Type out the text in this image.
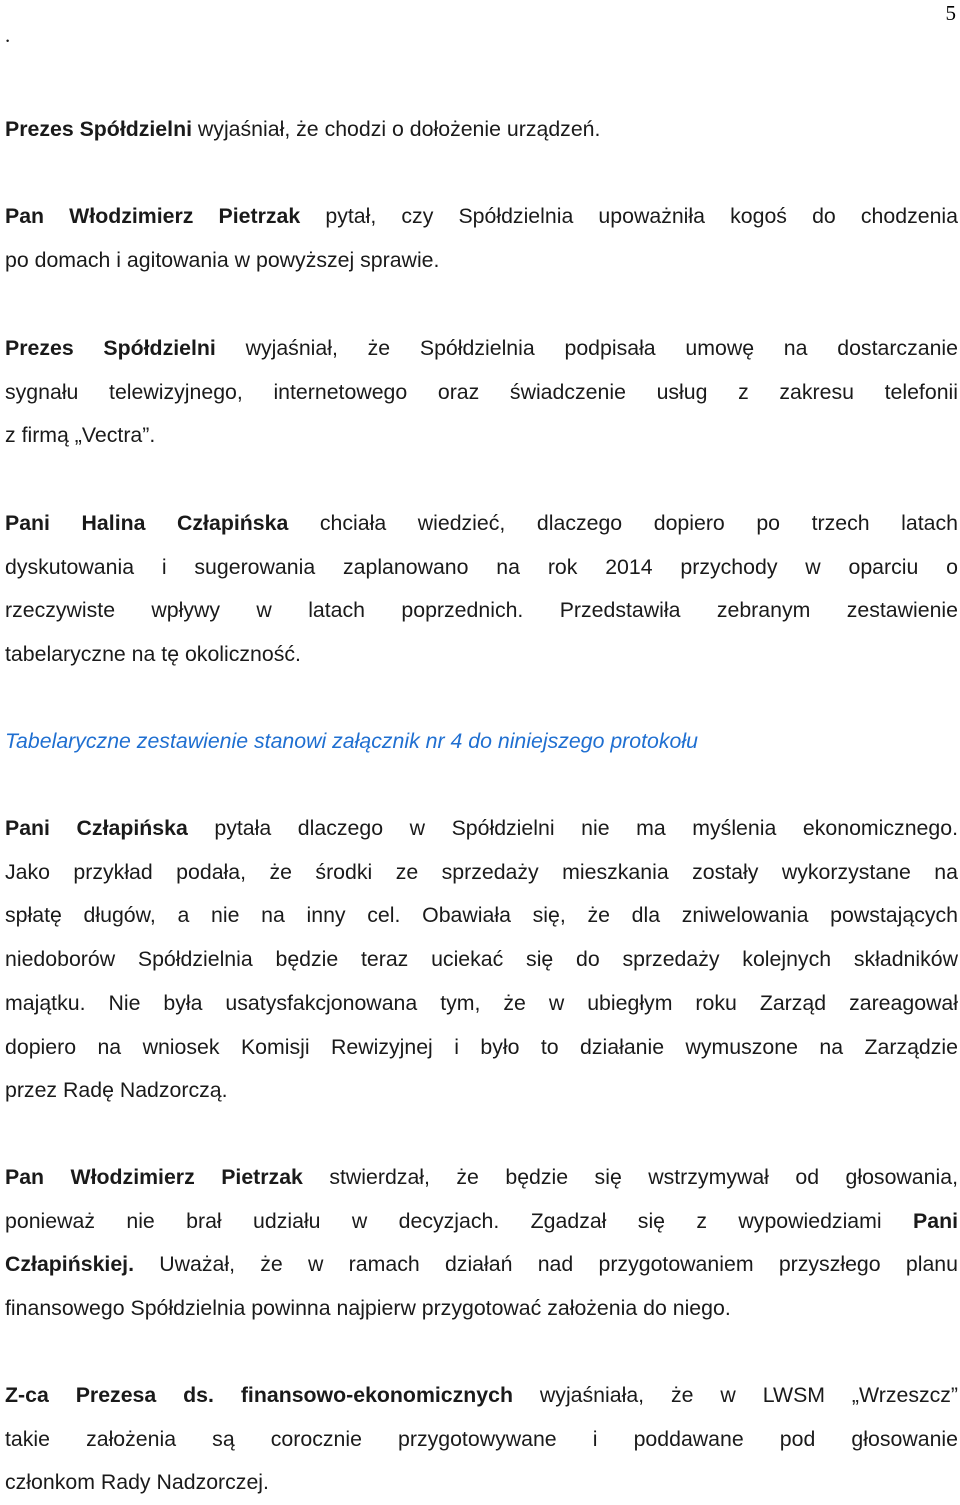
5
.

Prezes Spółdzielni wyjaśniał, że chodzi o dołożenie urządzeń.

Pan Włodzimierz Pietrzak pytał, czy Spółdzielnia upoważniła kogoś do chodzenia
po domach i agitowania w powyższej sprawie.

Prezes Spółdzielni wyjaśniał, że Spółdzielnia podpisała umowę na dostarczanie
sygnału telewizyjnego, internetowego oraz świadczenie usług z zakresu telefonii
z firmą „Vectra”.

Pani Halina Człapińska chciała wiedzieć, dlaczego dopiero po trzech latach
dyskutowania i sugerowania zaplanowano na rok 2014 przychody w oparciu o
rzeczywiste wpływy w latach poprzednich. Przedstawiła zebranym zestawienie
tabelaryczne na tę okoliczność.

Tabelaryczne zestawienie stanowi załącznik nr 4 do niniejszego protokołu

Pani Człapińska pytała dlaczego w Spółdzielni nie ma myślenia ekonomicznego.
Jako przykład podała, że środki ze sprzedaży mieszkania zostały wykorzystane na
spłatę długów, a nie na inny cel. Obawiała się, że dla zniwelowania powstających
niedoborów Spółdzielnia będzie teraz uciekać się do sprzedaży kolejnych składników
majątku. Nie była usatysfakcjonowana tym, że w ubiegłym roku Zarząd zareagował
dopiero na wniosek Komisji Rewizyjnej i było to działanie wymuszone na Zarządzie
przez Radę Nadzorczą.

Pan Włodzimierz Pietrzak stwierdzał, że będzie się wstrzymywał od głosowania,
ponieważ nie brał udziału w decyzjach. Zgadzał się z wypowiedziami Pani
Człapińskiej. Uważał, że w ramach działań nad przygotowaniem przyszłego planu
finansowego Spółdzielnia powinna najpierw przygotować założenia do niego.

Z-ca Prezesa ds. finansowo-ekonomicznych wyjaśniała, że w LWSM „Wrzeszcz”
takie założenia są corocznie przygotowywane i poddawane pod głosowanie
członkom Rady Nadzorczej.
